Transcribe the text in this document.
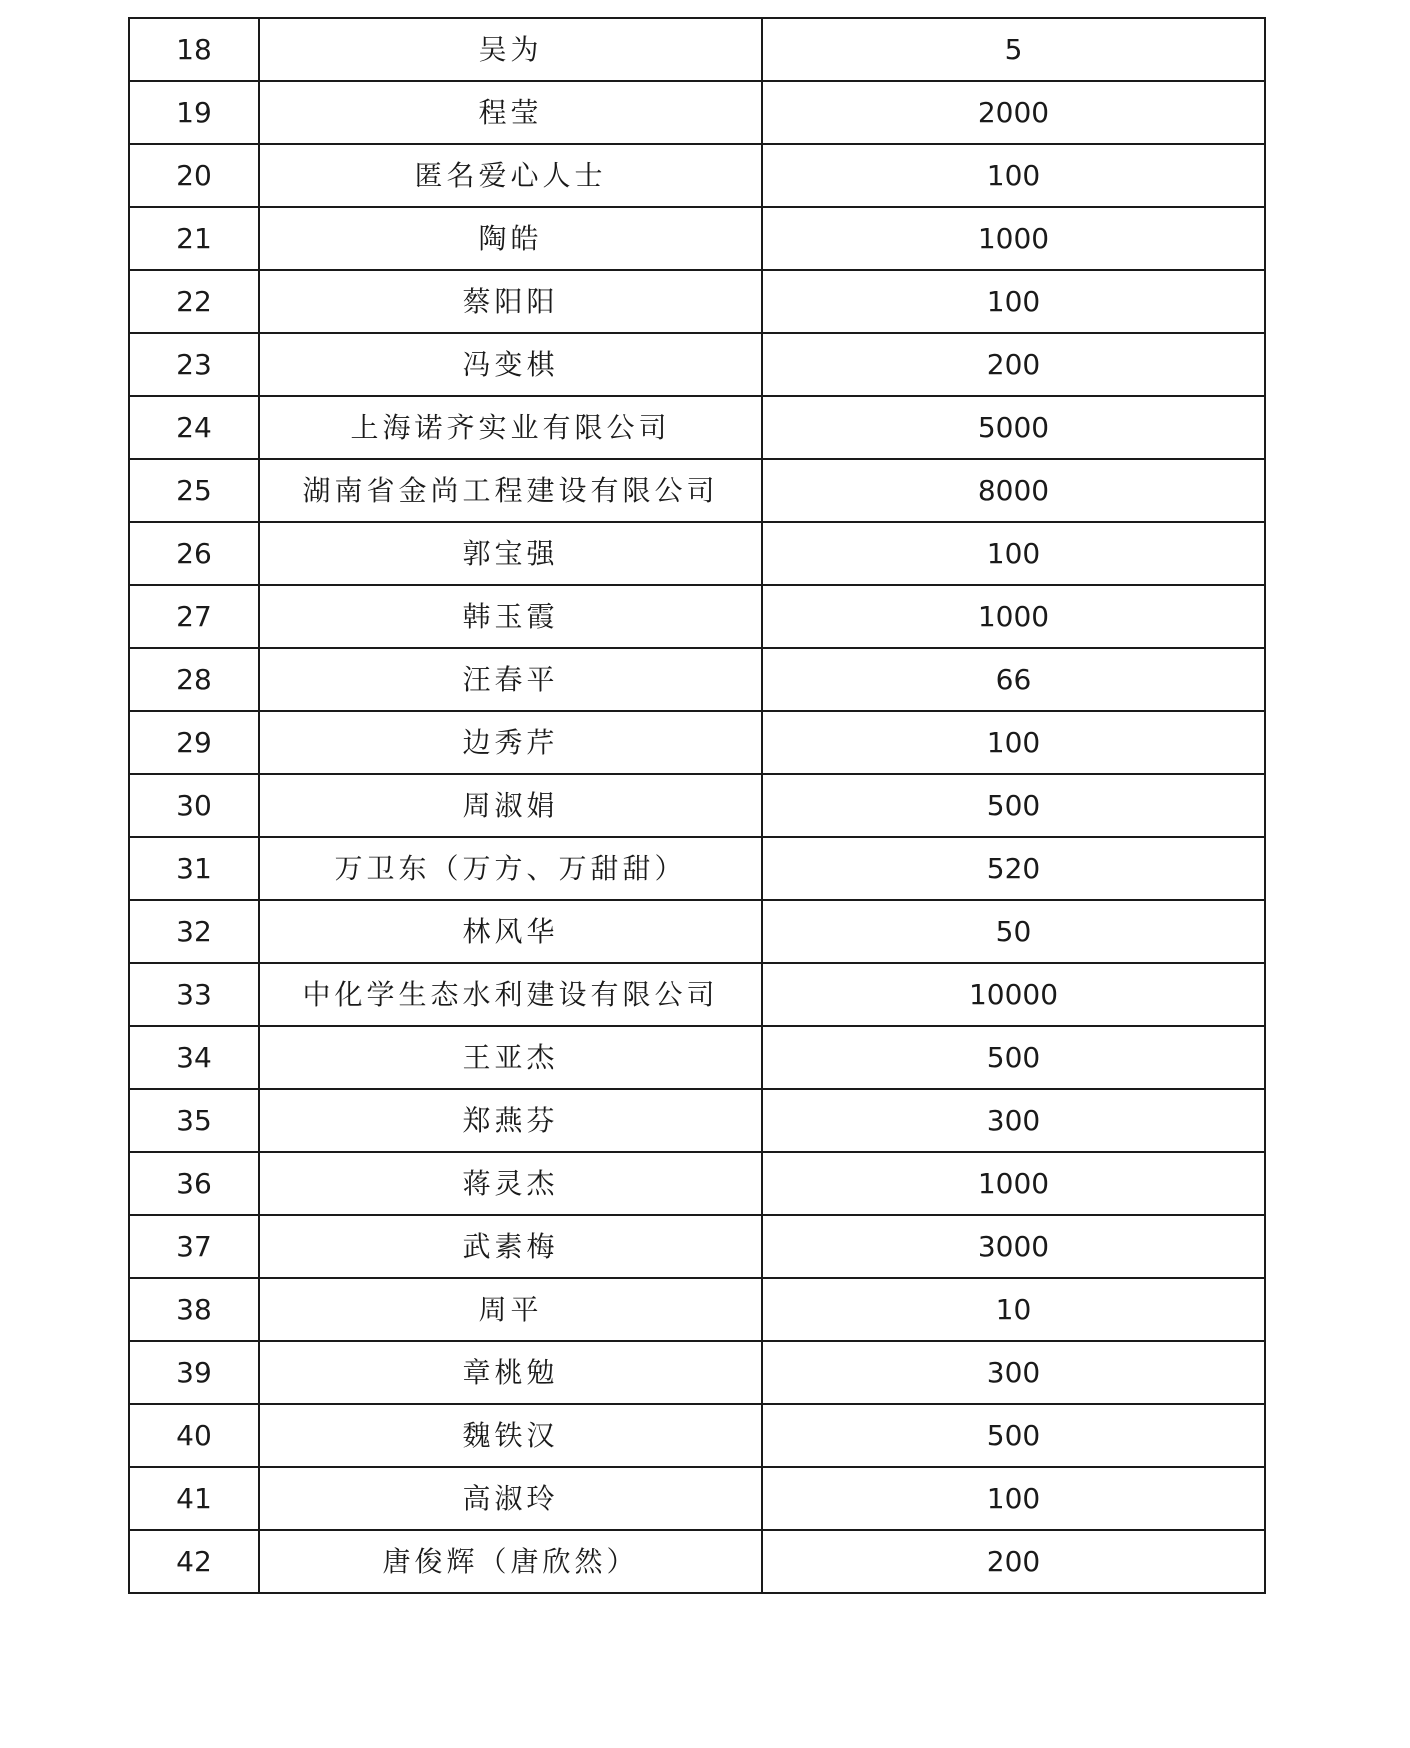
18	吴为	5
19	程莹	2000
20	匿名爱心人士	100
21	陶皓	1000
22	蔡阳阳	100
23	冯变棋	200
24	上海诺齐实业有限公司	5000
25	湖南省金尚工程建设有限公司	8000
26	郭宝强	100
27	韩玉霞	1000
28	汪春平	66
29	边秀芹	100
30	周淑娟	500
31	万卫东（万方、万甜甜）	520
32	林风华	50
33	中化学生态水利建设有限公司	10000
34	王亚杰	500
35	郑燕芬	300
36	蒋灵杰	1000
37	武素梅	3000
38	周平	10
39	章桃勉	300
40	魏铁汉	500
41	高淑玲	100
42	唐俊辉（唐欣然）	200
